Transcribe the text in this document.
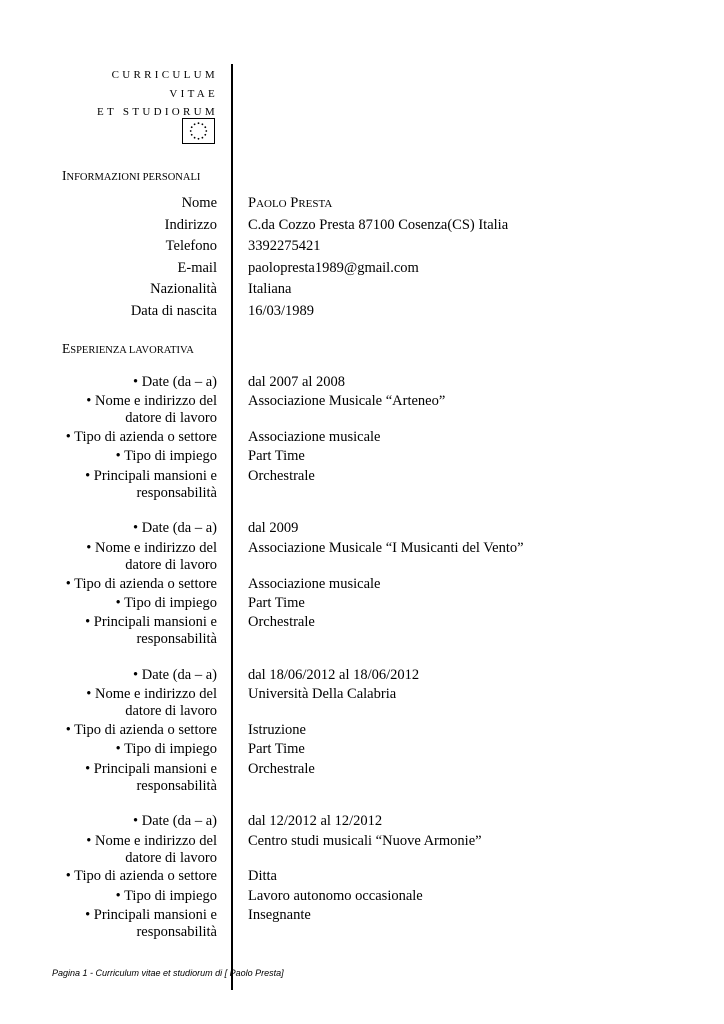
CURRICULUM
VITAE
ET STUDIORUM
INFORMAZIONI PERSONALI
Nome PAOLO PRESTA
Indirizzo C.da Cozzo Presta 87100 Cosenza(CS) Italia
Telefono 3392275421
E-mail paolopresta1989@gmail.com
Nazionalità Italiana
Data di nascita 16/03/1989
ESPERIENZA LAVORATIVA
• Date (da – a) dal 2007 al 2008
• Nome e indirizzo del Associazione Musicale “Arteneo”
datore di lavoro
• Tipo di azienda o settore Associazione musicale
• Tipo di impiego Part Time
• Principali mansioni e Orchestrale
responsabilità
• Date (da – a) dal 2009
• Nome e indirizzo del Associazione Musicale “I Musicanti del Vento”
datore di lavoro
• Tipo di azienda o settore Associazione musicale
• Tipo di impiego Part Time
• Principali mansioni e Orchestrale
responsabilità
• Date (da – a) dal 18/06/2012 al 18/06/2012
• Nome e indirizzo del Università Della Calabria
datore di lavoro
• Tipo di azienda o settore Istruzione
• Tipo di impiego Part Time
• Principali mansioni e Orchestrale
responsabilità
• Date (da – a) dal 12/2012 al 12/2012
• Nome e indirizzo del Centro studi musicali “Nuove Armonie”
datore di lavoro
• Tipo di azienda o settore Ditta
• Tipo di impiego Lavoro autonomo occasionale
• Principali mansioni e Insegnante
responsabilità
Pagina 1 - Curriculum vitae et studiorum di [ Paolo Presta]
